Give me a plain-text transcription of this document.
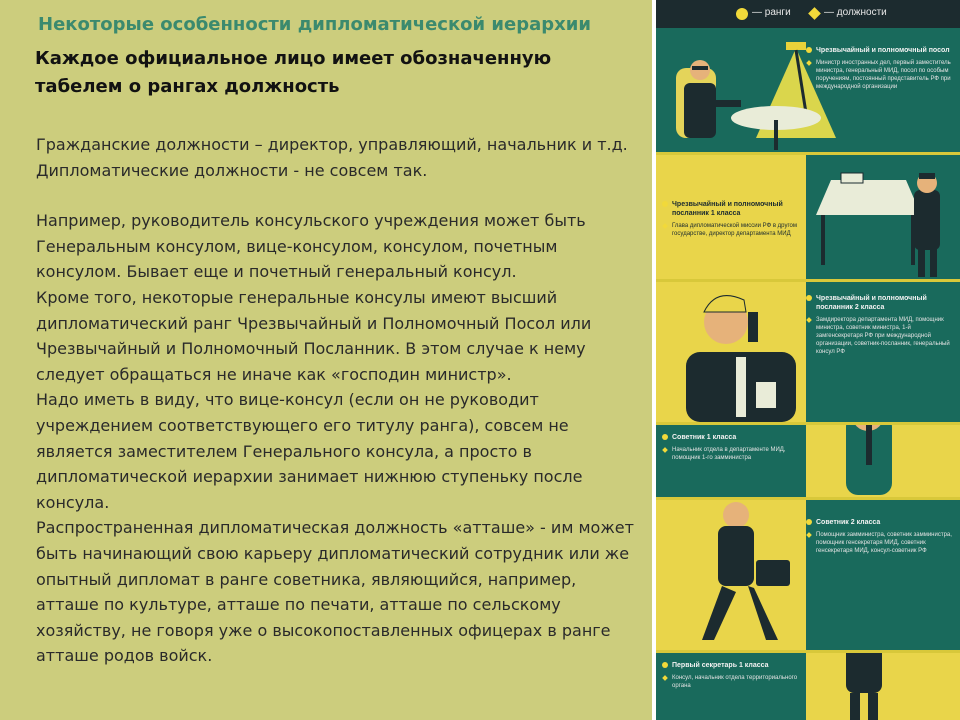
Некоторые особенности дипломатической иерархии
Каждое официальное лицо имеет обозначенную табелем о рангах должность

Гражданские должности – директор, управляющий, начальник и т.д.

Дипломатические должности - не совсем так.

Например, руководитель консульского учреждения может быть Генеральным консулом, вице-консулом, консулом, почетным консулом. Бывает еще и почетный генеральный консул.

Кроме того, некоторые генеральные консулы имеют высший дипломатический ранг Чрезвычайный и Полномочный Посол или Чрезвычайный и Полномочный Посланник. В этом случае к нему следует обращаться не иначе как «господин министр».

Надо иметь в виду, что вице-консул (если он не руководит учреждением соответствующего его титулу ранга), совсем не является заместителем Генерального консула, а просто в дипломатической иерархии занимает нижнюю ступеньку после консула.

Распространенная дипломатическая должность «атташе» - им может быть начинающий свою карьеру дипломатический сотрудник или же опытный дипломат в ранге советника, являющийся, например, атташе по культуре, атташе по печати, атташе по сельскому хозяйству, не говоря уже о высокопоставленных офицерах в ранге атташе родов войск.

— ранги	— должности
Чрезвычайный и полномочный посол
Министр иностранных дел, первый заместитель министра, генеральный МИД, посол по особым поручениям, постоянный представитель РФ при международной организации
Чрезвычайный и полномочный посланник 1 класса
Глава дипломатической миссии РФ в другом государстве, директор департамента МИД
Чрезвычайный и полномочный посланник 2 класса
Замдиректора департамента МИД, помощник министра, советник министра, 1-й замгенсекретаря РФ при международной организации, советник-посланник, генеральный консул РФ
Советник 1 класса
Начальник отдела в департаменте МИД, помощник 1-го замминистра
Советник 2 класса
Помощник замминистра, советник замминистра, помощник генсекретаря МИД, советник генсекретаря МИД, консул-советник РФ
Первый секретарь 1 класса
Консул, начальник отдела территориального органа
